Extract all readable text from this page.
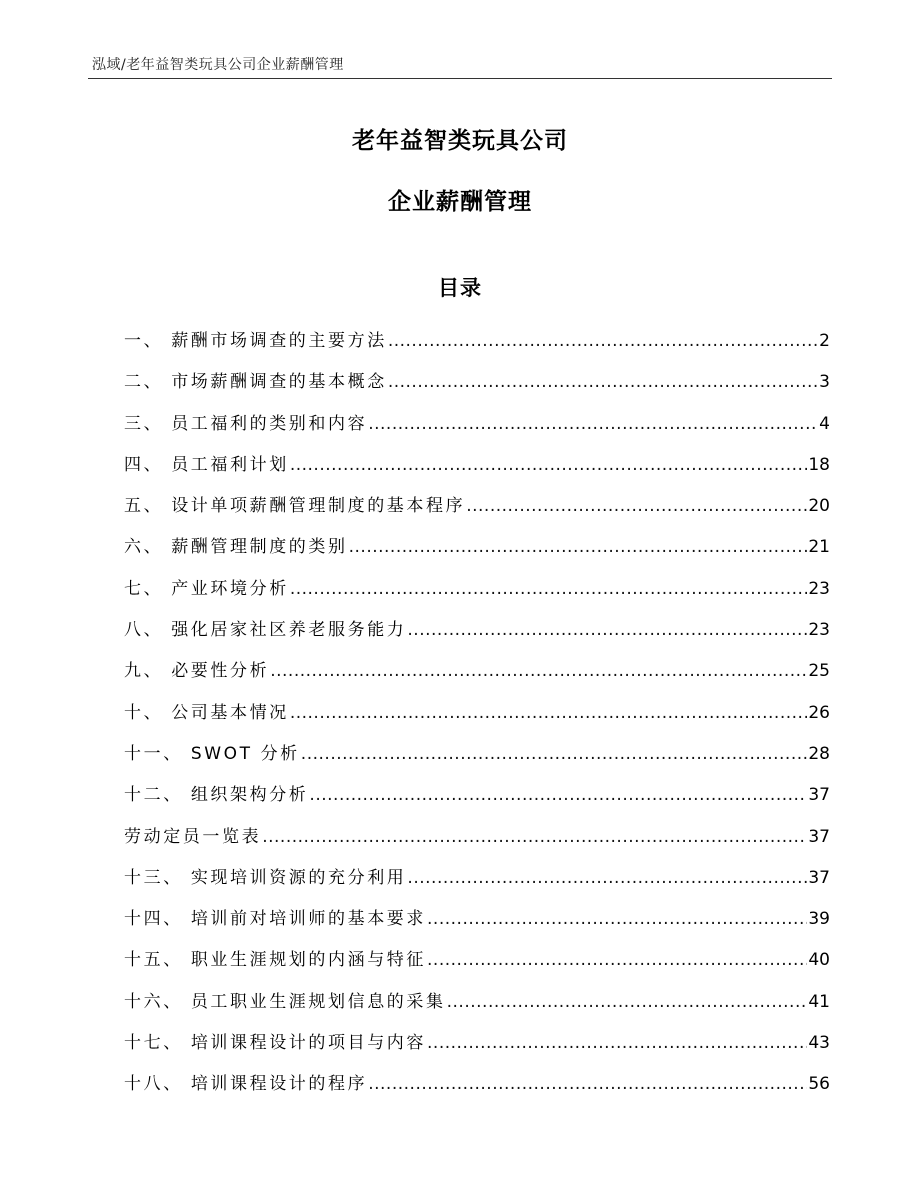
泓域/老年益智类玩具公司企业薪酬管理
老年益智类玩具公司
企业薪酬管理
目录
一、 薪酬市场调查的主要方法 .....	2
二、 市场薪酬调查的基本概念 .....	3
三、 员工福利的类别和内容 .....	4
四、 员工福利计划 .....	18
五、 设计单项薪酬管理制度的基本程序 .....	20
六、 薪酬管理制度的类别 .....	21
七、 产业环境分析 .....	23
八、 强化居家社区养老服务能力 .....	23
九、 必要性分析 .....	25
十、 公司基本情况 .....	26
十一、 SWOT 分析 .....	28
十二、 组织架构分析 .....	37
劳动定员一览表 .....	37
十三、 实现培训资源的充分利用 .....	37
十四、 培训前对培训师的基本要求 .....	39
十五、 职业生涯规划的内涵与特征 .....	40
十六、 员工职业生涯规划信息的采集 .....	41
十七、 培训课程设计的项目与内容 .....	43
十八、 培训课程设计的程序 .....	56
